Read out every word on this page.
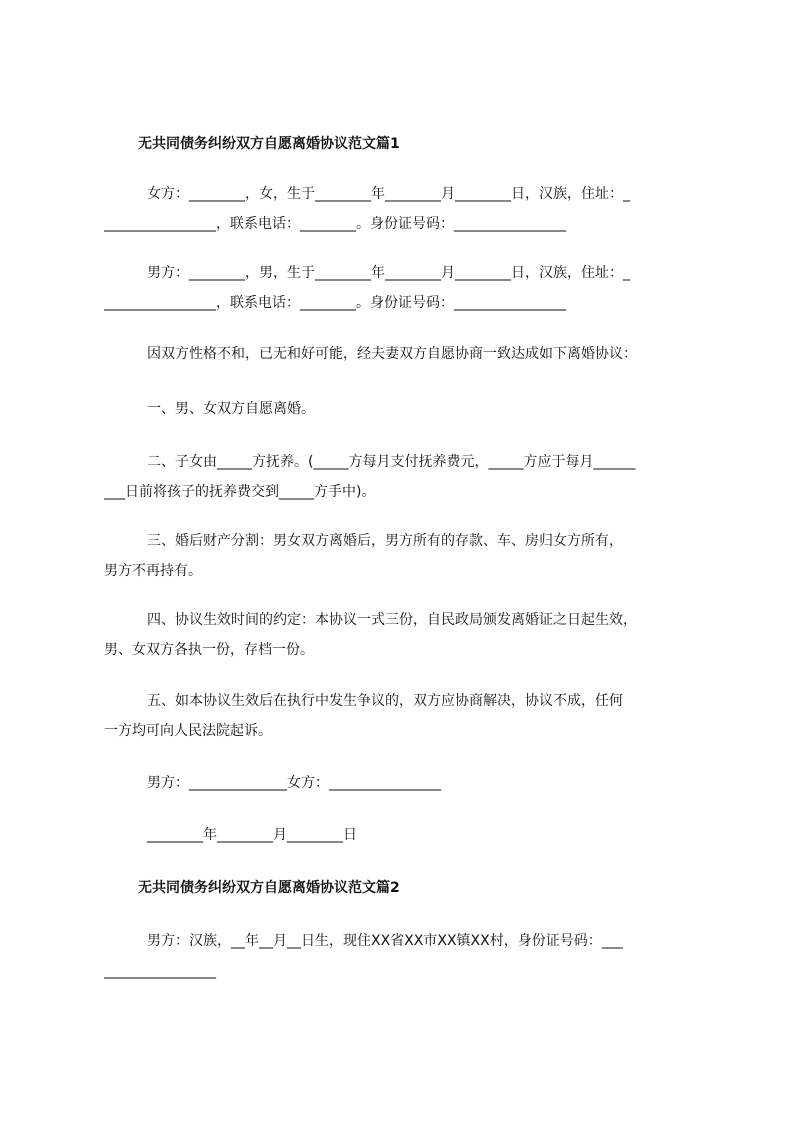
无共同债务纠纷双方自愿离婚协议范文篇1
女方：________，女，生于________年________月________日，汉族，住址：_
________________，联系电话：________。身份证号码：________________
男方：________，男，生于________年________月________日，汉族，住址：_
________________，联系电话：________。身份证号码：________________
因双方性格不和，已无和好可能，经夫妻双方自愿协商一致达成如下离婚协议：
一、男、女双方自愿离婚。
二、子女由_____方抚养。(_____方每月支付抚养费元，_____方应于每月______
___日前将孩子的抚养费交到_____方手中)。
三、婚后财产分割：男女双方离婚后，男方所有的存款、车、房归女方所有，
男方不再持有。
四、协议生效时间的约定：本协议一式三份，自民政局颁发离婚证之日起生效，
男、女双方各执一份，存档一份。
五、如本协议生效后在执行中发生争议的，双方应协商解决，协议不成，任何
一方均可向人民法院起诉。
男方：______________女方：________________
________年________月________日
无共同债务纠纷双方自愿离婚协议范文篇2
男方：汉族，__年__月__日生，现住XX省XX市XX镇XX村，身份证号码：___
________________
